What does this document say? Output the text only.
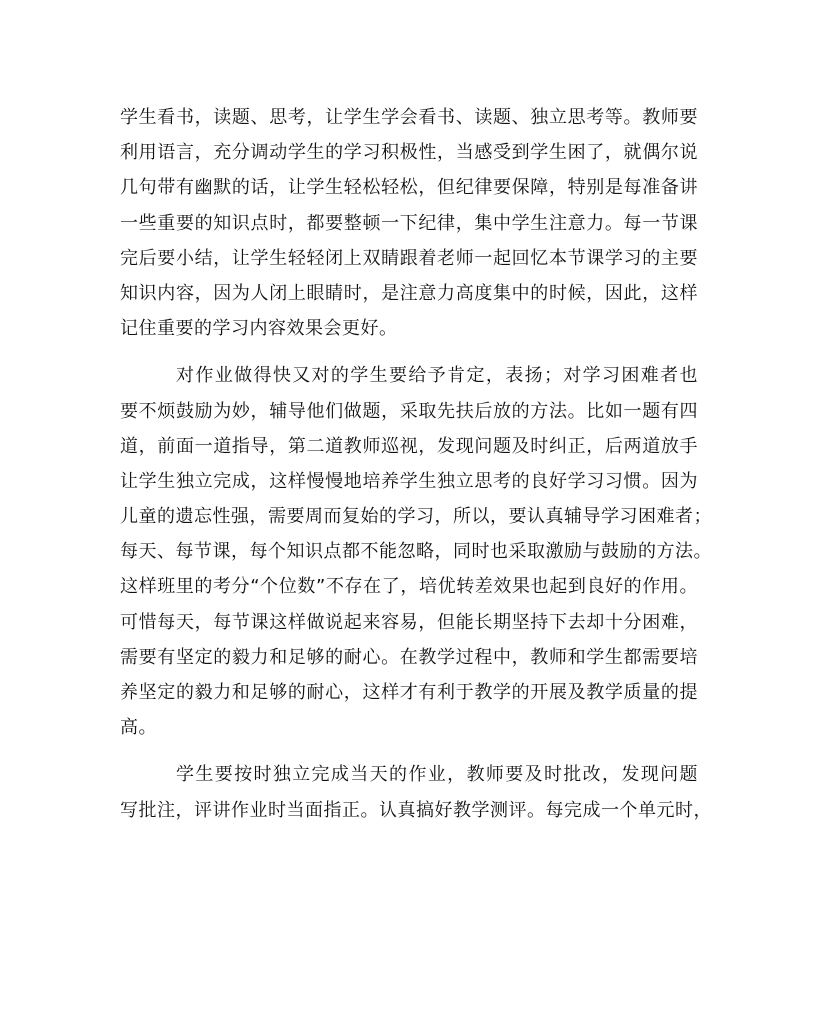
学生看书，读题、思考，让学生学会看书、读题、独立思考等。教师要
利用语言，充分调动学生的学习积极性，当感受到学生困了，就偶尔说
几句带有幽默的话，让学生轻松轻松，但纪律要保障，特别是每准备讲
一些重要的知识点时，都要整顿一下纪律，集中学生注意力。每一节课
完后要小结，让学生轻轻闭上双睛跟着老师一起回忆本节课学习的主要
知识内容，因为人闭上眼睛时，是注意力高度集中的时候，因此，这样
记住重要的学习内容效果会更好。
对作业做得快又对的学生要给予肯定，表扬；对学习困难者也
要不烦鼓励为妙，辅导他们做题，采取先扶后放的方法。比如一题有四
道，前面一道指导，第二道教师巡视，发现问题及时纠正，后两道放手
让学生独立完成，这样慢慢地培养学生独立思考的良好学习习惯。因为
儿童的遗忘性强，需要周而复始的学习，所以，要认真辅导学习困难者；
每天、每节课，每个知识点都不能忽略，同时也采取激励与鼓励的方法。
这样班里的考分“个位数”不存在了，培优转差效果也起到良好的作用。
可惜每天，每节课这样做说起来容易，但能长期坚持下去却十分困难，
需要有坚定的毅力和足够的耐心。在教学过程中，教师和学生都需要培
养坚定的毅力和足够的耐心，这样才有利于教学的开展及教学质量的提
高。
学生要按时独立完成当天的作业，教师要及时批改，发现问题
写批注，评讲作业时当面指正。认真搞好教学测评。每完成一个单元时，
